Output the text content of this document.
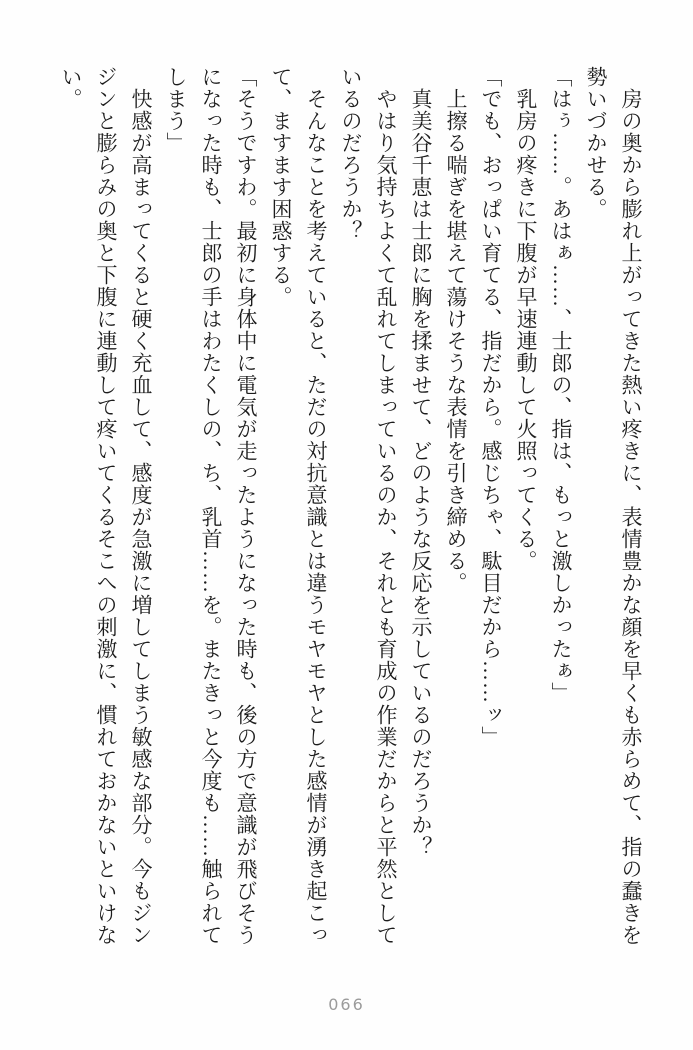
房の奥から膨れ上がってきた熱い疼きに、表情豊かな顔を早くも赤らめて、指の蠢きを

勢いづかせる。

「はぅ……。あはぁ……、士郎の、指は、もっと激しかったぁ」

乳房の疼きに下腹が早速連動して火照ってくる。

「でも、おっぱい育てる、指だから。感じちゃ、駄目だから……ッ」

上擦る喘ぎを堪えて蕩けそうな表情を引き締める。

真美谷千恵は士郎に胸を揉ませて、どのような反応を示しているのだろうか？

やはり気持ちよくて乱れてしまっているのか、それとも育成の作業だからと平然として

いるのだろうか？

そんなことを考えていると、ただの対抗意識とは違うモヤモヤとした感情が湧き起こっ

て、ますます困惑する。

「そうですわ。最初に身体中に電気が走ったようになった時も、後の方で意識が飛びそう

になった時も、士郎の手はわたくしの、ち、乳首……を。またきっと今度も……触られて

しまう」

快感が高まってくると硬く充血して、感度が急激に増してしまう敏感な部分。今もジン

ジンと膨らみの奥と下腹に連動して疼いてくるそこへの刺激に、慣れておかないといけな

い。

066
